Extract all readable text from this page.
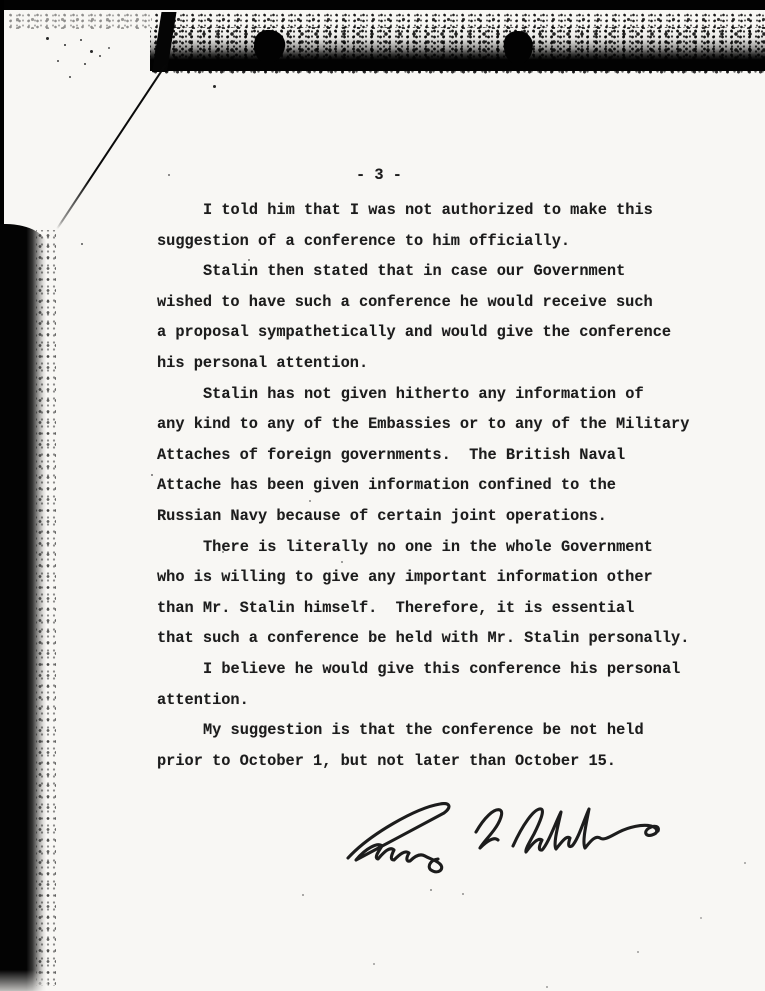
- 3 -
I told him that I was not authorized to make this
suggestion of a conference to him officially.
Stalin then stated that in case our Government
wished to have such a conference he would receive such
a proposal sympathetically and would give the conference
his personal attention.
Stalin has not given hitherto any information of
any kind to any of the Embassies or to any of the Military
Attaches of foreign governments.  The British Naval
Attache has been given information confined to the
Russian Navy because of certain joint operations.
There is literally no one in the whole Government
who is willing to give any important information other
than Mr. Stalin himself.  Therefore, it is essential
that such a conference be held with Mr. Stalin personally.
I believe he would give this conference his personal
attention.
My suggestion is that the conference be not held
prior to October 1, but not later than October 15.
